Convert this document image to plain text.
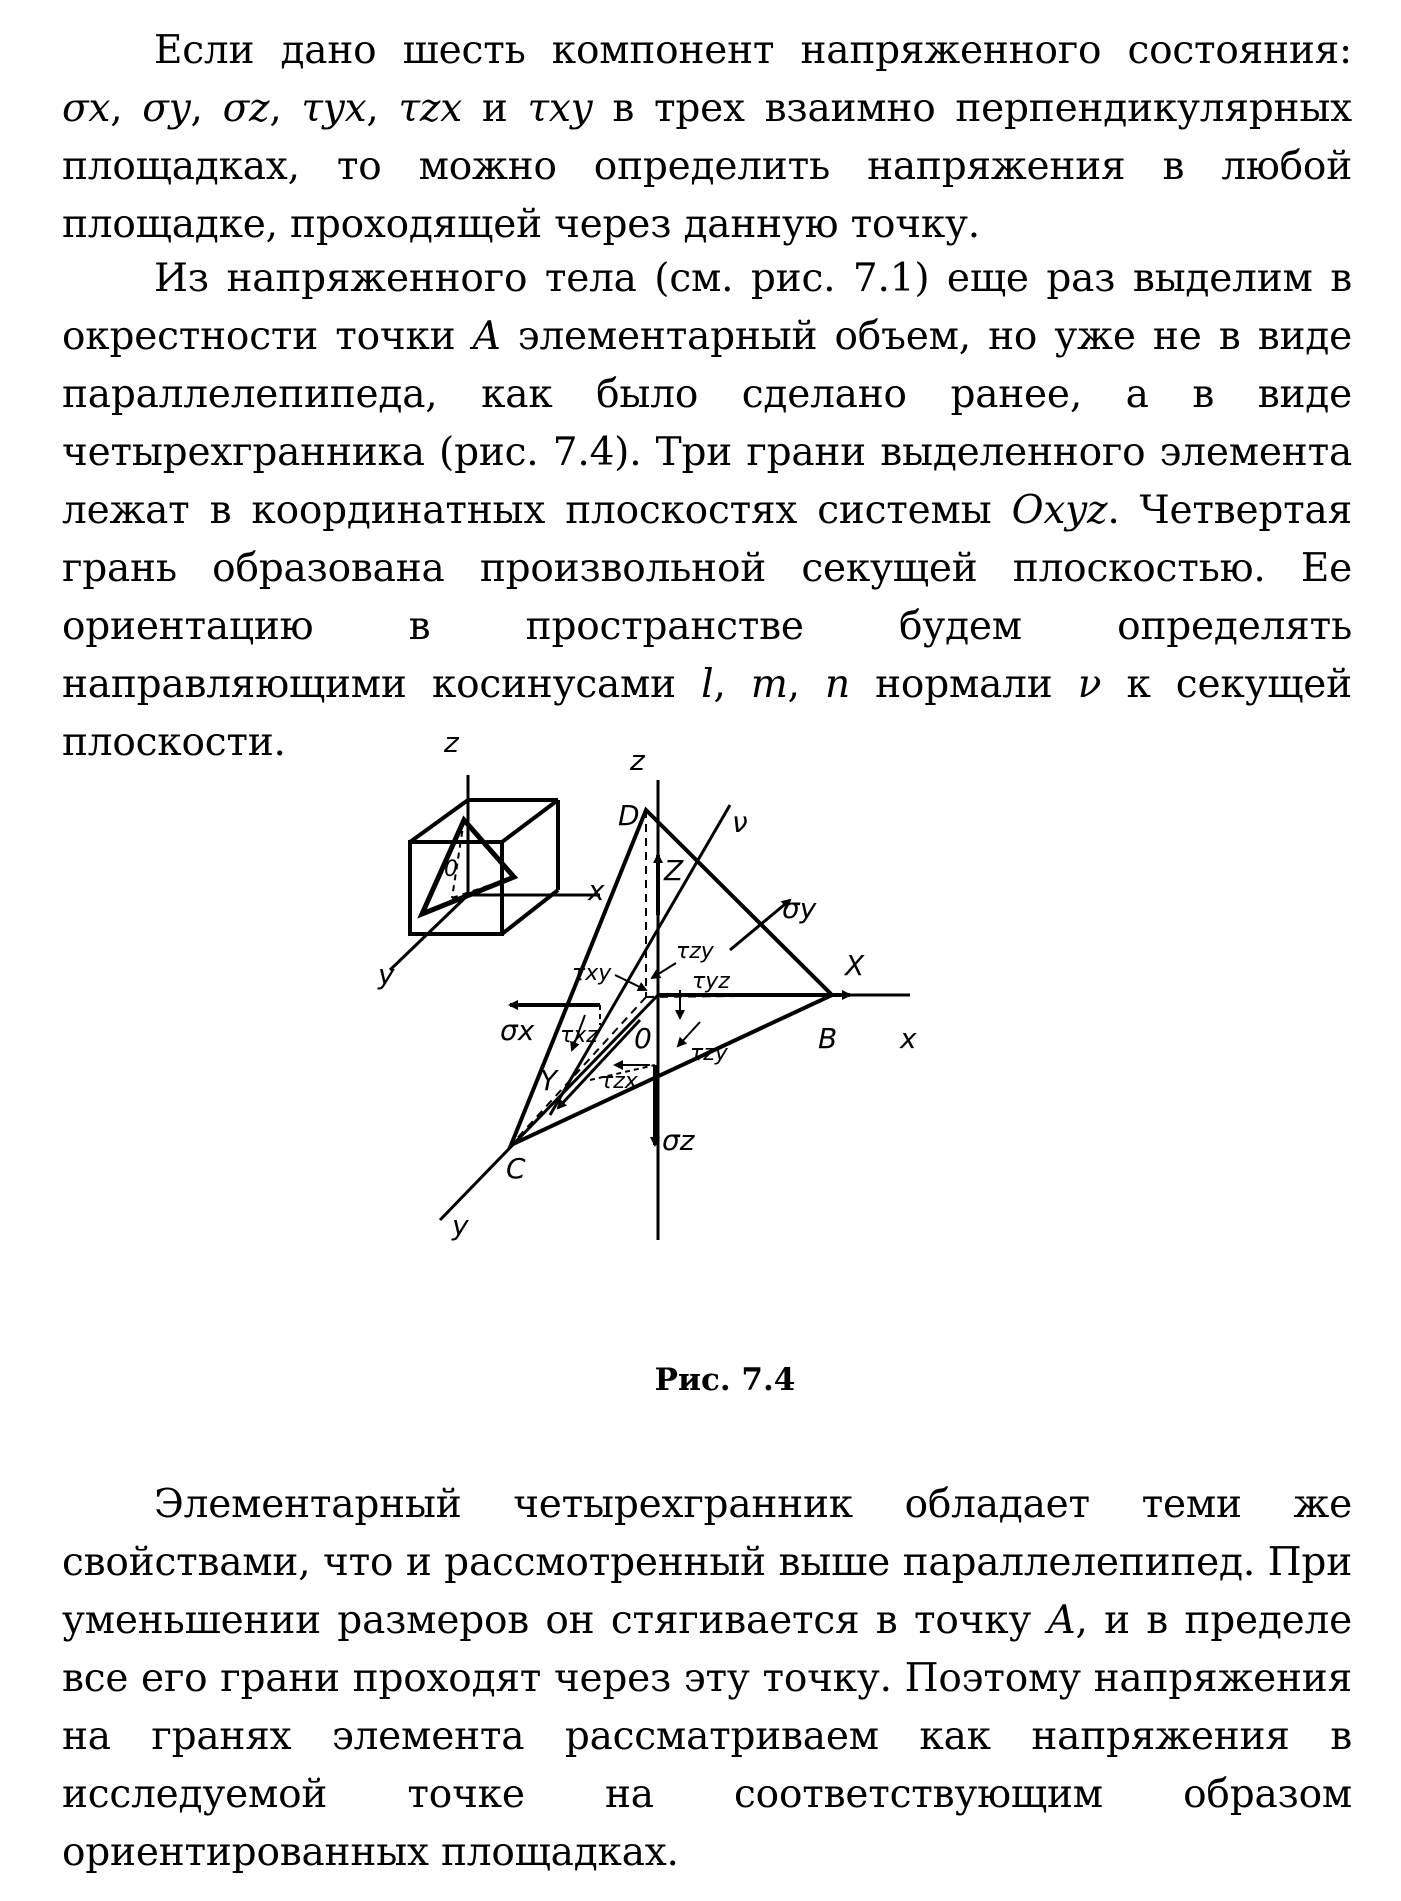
Если дано шесть компонент напряженного состояния: σx, σy, σz, τyx, τzx и τxy в трех взаимно перпендикулярных площадках, то можно определить напряжения в любой площадке, проходящей через данную точку.

Из напряженного тела (см. рис. 7.1) еще раз выделим в окрестности точки A элементарный объем, но уже не в виде параллелепипеда, как было сделано ранее, а в виде четырехгранника (рис. 7.4). Три грани выделенного элемента лежат в координатных плоскостях системы Oxyz. Четвертая грань образована произвольной секущей плоскостью. Ее ориентацию в пространстве будем определять направляющими косинусами l, m, n нормали ν к секущей плоскости.	z
x
y
0
z
D	ν
Z
σy
X
τzy
τxy	τyz
σx τxz 0 τzy	B x
Y τzx
σz
C
y
Рис. 7.4

Элементарный четырехгранник обладает теми же свойствами, что и рассмотренный выше параллелепипед. При уменьшении размеров он стягивается в точку A, и в пределе все его грани проходят через эту точку. Поэтому напряжения на гранях элемента рассматриваем как напряжения в исследуемой точке на соответствующим образом ориентированных площадках.
